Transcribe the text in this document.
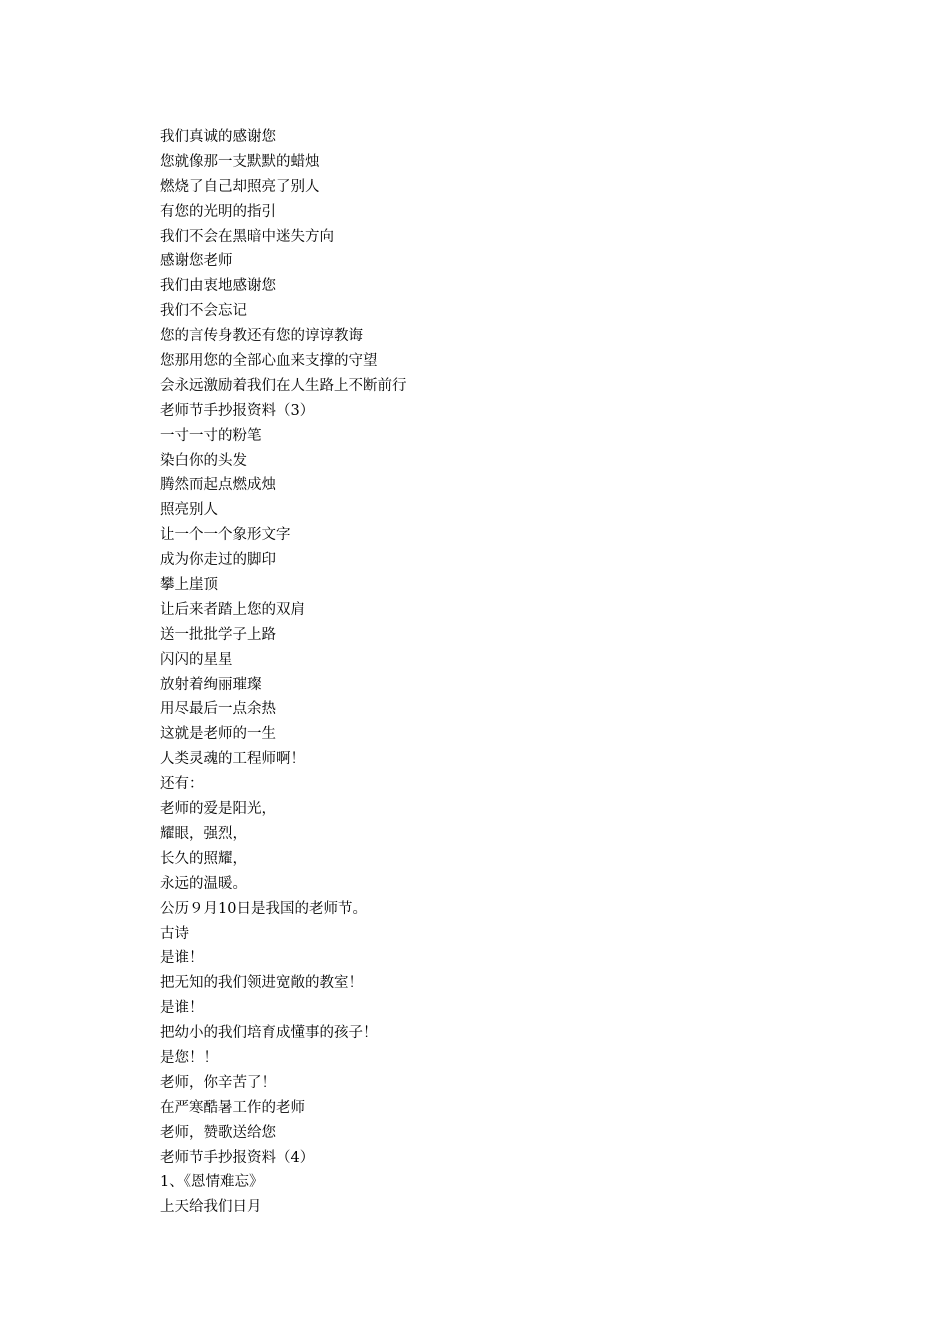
我们真诚的感谢您
您就像那一支默默的蜡烛
燃烧了自己却照亮了别人
有您的光明的指引
我们不会在黑暗中迷失方向
感谢您老师
我们由衷地感谢您
我们不会忘记
您的言传身教还有您的谆谆教诲
您那用您的全部心血来支撑的守望
会永远激励着我们在人生路上不断前行
老师节手抄报资料（3）
一寸一寸的粉笔
染白你的头发
腾然而起点燃成烛
照亮别人
让一个一个象形文字
成为你走过的脚印
攀上崖顶
让后来者踏上您的双肩
送一批批学子上路
闪闪的星星
放射着绚丽璀璨
用尽最后一点余热
这就是老师的一生
人类灵魂的工程师啊！
还有：
老师的爱是阳光，
耀眼，强烈，
长久的照耀，
永远的温暖。
公历９月10日是我国的老师节。
古诗
是谁！
把无知的我们领进宽敞的教室！
是谁！
把幼小的我们培育成懂事的孩子！
是您！！
老师，你辛苦了！
在严寒酷暑工作的老师
老师，赞歌送给您
老师节手抄报资料（4）
1、《恩情难忘》
上天给我们日月
